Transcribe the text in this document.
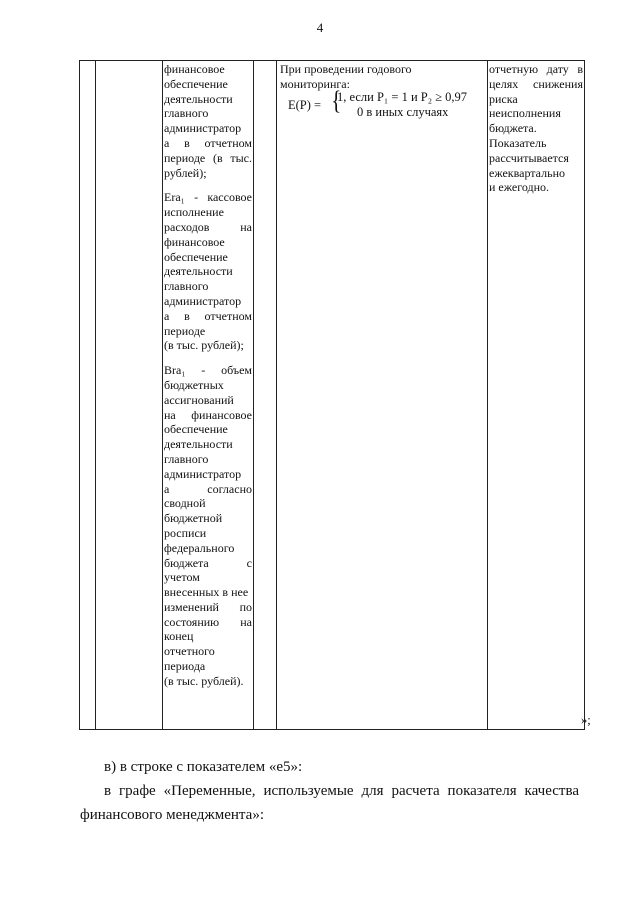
4
финансовое
обеспечение
деятельности
главного
администратор
а в отчетном
периоде (в тыс.
рублей);
Era₁ - кассовое
исполнение
расходов на
финансовое
обеспечение
деятельности
главного
администратор
а в отчетном
периоде
(в тыс. рублей);
Bra₁ - объем
бюджетных
ассигнований
на финансовое
обеспечение
деятельности
главного
администратор
а согласно
сводной
бюджетной
росписи
федерального
бюджета с
учетом
внесенных в нее
изменений по
состоянию на
конец
отчетного
периода
(в тыс. рублей).
При проведении годового
мониторинга:
E(P) = {
1, если P₁ = 1 и P₂ ≥ 0,97
0 в иных случаях
отчетную дату в
целях снижения
риска
неисполнения
бюджета.
Показатель
рассчитывается
ежеквартально
и ежегодно.
»;
в) в строке с показателем «е5»:
в графе «Переменные, используемые для расчета показателя качества
финансового менеджмента»:
